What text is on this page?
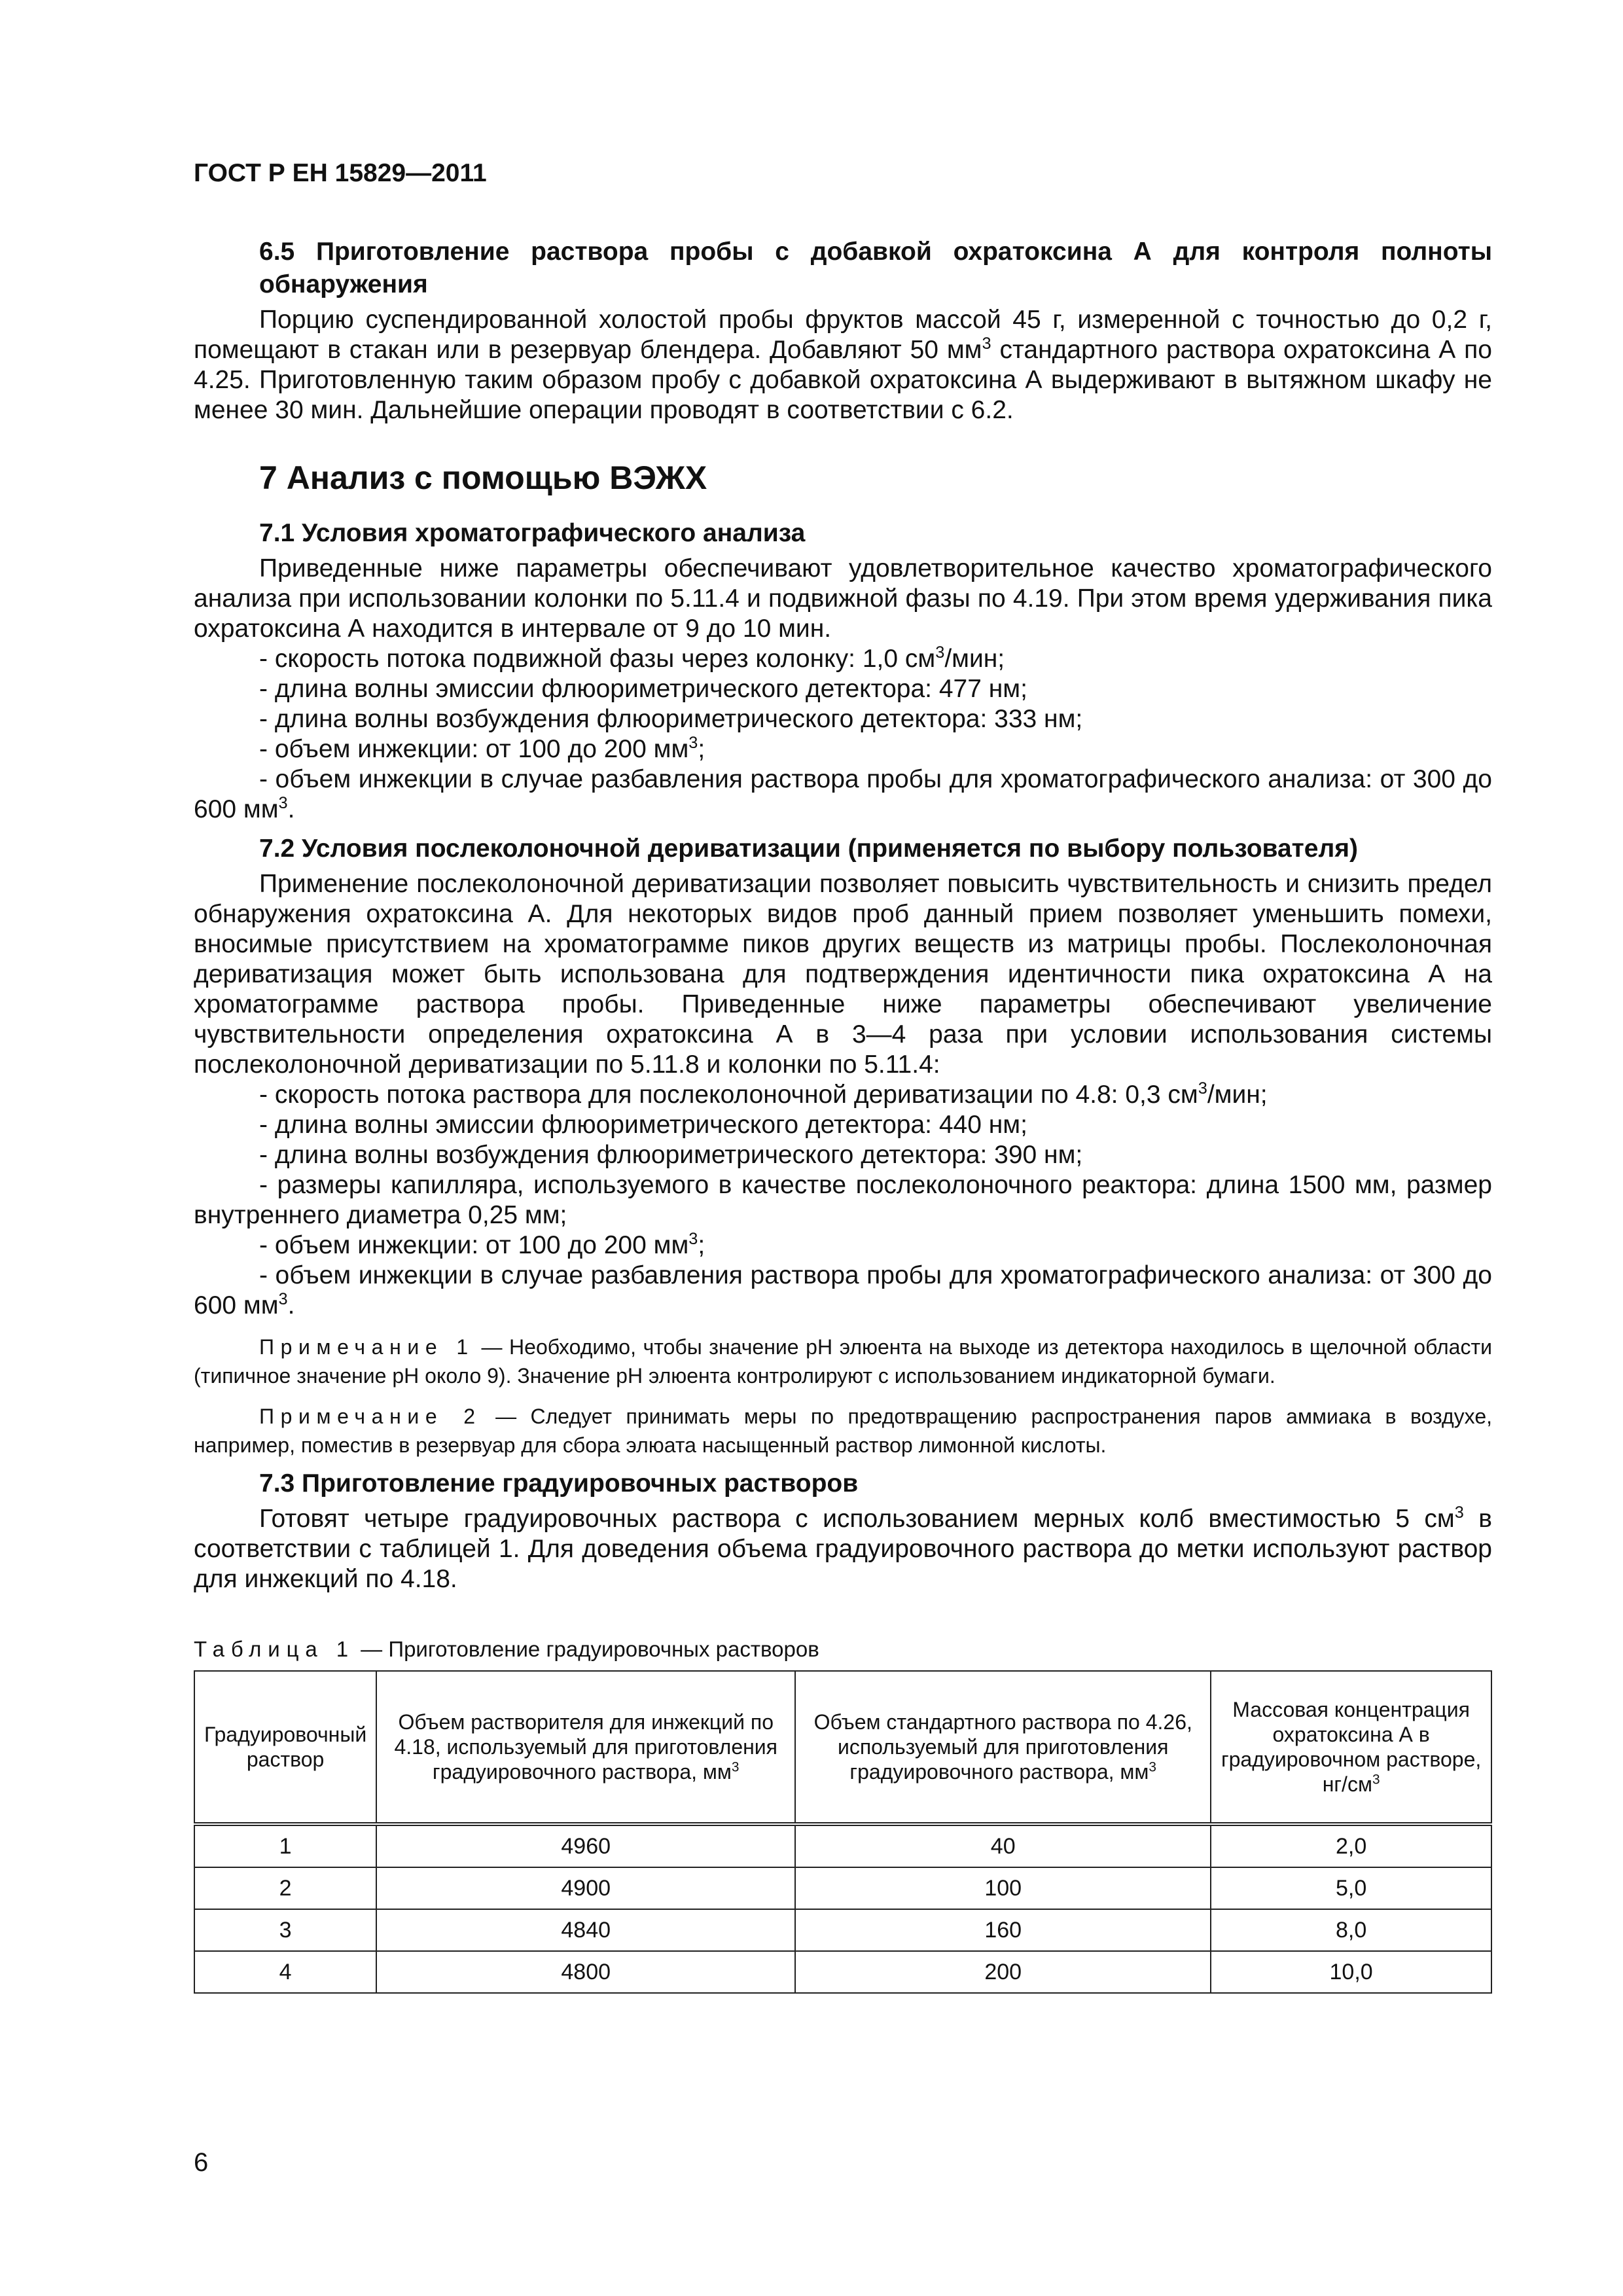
ГОСТ Р ЕН 15829—2011
6.5 Приготовление раствора пробы с добавкой охратоксина А для контроля полноты обнаружения

Порцию суспендированной холостой пробы фруктов массой 45 г, измеренной с точностью до 0,2 г, помещают в стакан или в резервуар блендера. Добавляют 50 $мм^3$ стандартного раствора охратоксина А по 4.25. Приготовленную таким образом пробу с добавкой охратоксина А выдерживают в вытяжном шкафу не менее 30 мин. Дальнейшие операции проводят в соответствии с 6.2.

7 Анализ с помощью ВЭЖХ
7.1 Условия хроматографического анализа

Приведенные ниже параметры обеспечивают удовлетворительное качество хроматографического анализа при использовании колонки по 5.11.4 и подвижной фазы по 4.19. При этом время удерживания пика охратоксина А находится в интервале от 9 до 10 мин.

- скорость потока подвижной фазы через колонку: 1,0 $см^3$/мин;

- длина волны эмиссии флюориметрического детектора: 477 нм;

- длина волны возбуждения флюориметрического детектора: 333 нм;

- объем инжекции: от 100 до 200 $мм^3$;

- объем инжекции в случае разбавления раствора пробы для хроматографического анализа: от 300 до 600 $мм^3$.

7.2 Условия послеколоночной дериватизации (применяется по выбору пользователя)

Применение послеколоночной дериватизации позволяет повысить чувствительность и снизить предел обнаружения охратоксина А. Для некоторых видов проб данный прием позволяет уменьшить помехи, вносимые присутствием на хроматограмме пиков других веществ из матрицы пробы. Послеколоночная дериватизация может быть использована для подтверждения идентичности пика охратоксина А на хроматограмме раствора пробы. Приведенные ниже параметры обеспечивают увеличение чувствительности определения охратоксина А в 3—4 раза при условии использования системы послеколоночной дериватизации по 5.11.8 и колонки по 5.11.4:

- скорость потока раствора для послеколоночной дериватизации по 4.8: 0,3 $см^3$/мин;

- длина волны эмиссии флюориметрического детектора: 440 нм;

- длина волны возбуждения флюориметрического детектора: 390 нм;

- размеры капилляра, используемого в качестве послеколоночного реактора: длина 1500 мм, размер внутреннего диаметра 0,25 мм;

- объем инжекции: от 100 до 200 $мм^3$;

- объем инжекции в случае разбавления раствора пробы для хроматографического анализа: от 300 до 600 $мм^3$.

Примечание 1 — Необходимо, чтобы значение pH элюента на выходе из детектора находилось в щелочной области (типичное значение pH около 9). Значение pH элюента контролируют с использованием индикаторной бумаги.

Примечание 2 — Следует принимать меры по предотвращению распространения паров аммиака в воздухе, например, поместив в резервуар для сбора элюата насыщенный раствор лимонной кислоты.

7.3 Приготовление градуировочных растворов

Готовят четыре градуировочных раствора с использованием мерных колб вместимостью 5 $см^3$ в соответствии с таблицей 1. Для доведения объема градуировочного раствора до метки используют раствор для инжекций по 4.18.

Таблица 1 — Приготовление градуировочных растворов
Градуировочный раствор	Объем растворителя для инжекций по 4.18, используемый для приготовления градуировочного раствора, $мм^3$	Объем стандартного раствора по 4.26, используемый для приготовления градуировочного раствора, $мм^3$	Массовая концентрация охратоксина А в градуировочном растворе, $нг/см^3$
1	4960	40	2,0
2	4900	100	5,0
3	4840	160	8,0
4	4800	200	10,0
6
